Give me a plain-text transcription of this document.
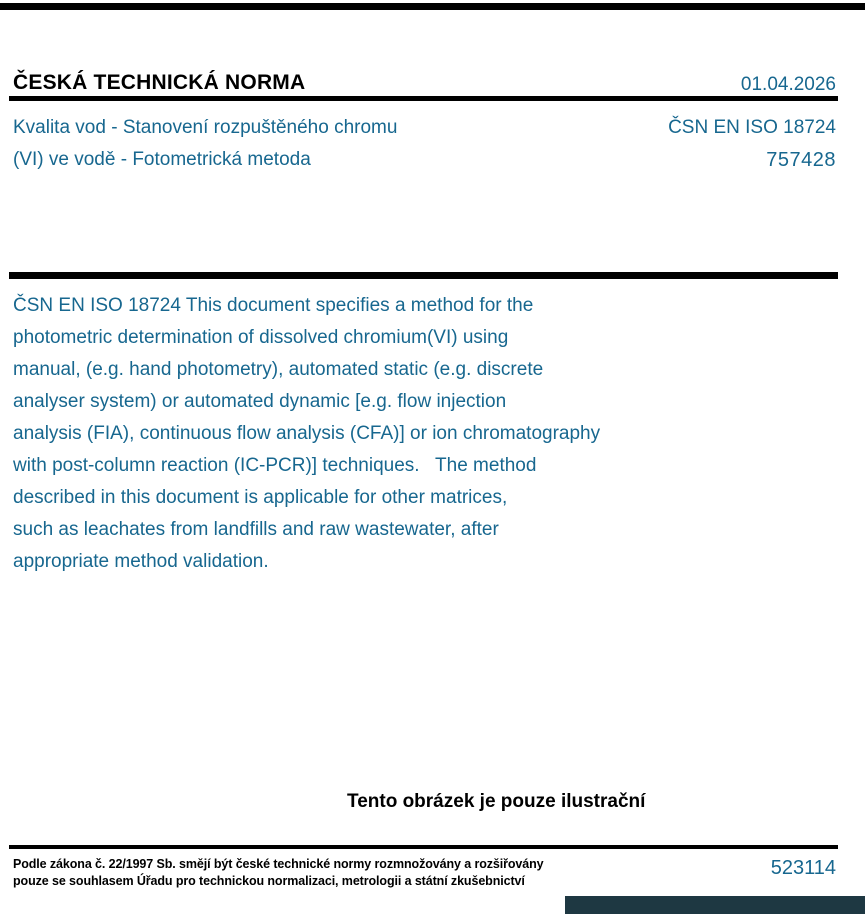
ČESKÁ TECHNICKÁ NORMA	01.04.2026
Kvalita vod - Stanovení rozpuštěného chromu
(VI) ve vodě - Fotometrická metoda
ČSN EN ISO 18724
757428
ČSN EN ISO 18724 This document specifies a method for the
photometric determination of dissolved chromium(VI) using
manual, (e.g. hand photometry), automated static (e.g. discrete
analyser system) or automated dynamic [e.g. flow injection
analysis (FIA), continuous flow analysis (CFA)] or ion chromatography
with post-column reaction (IC-PCR)] techniques.   The method
described in this document is applicable for other matrices,
such as leachates from landfills and raw wastewater, after
appropriate method validation.
Tento obrázek je pouze ilustrační
Podle zákona č. 22/1997 Sb. smějí být české technické normy rozmnožovány a rozšiřovány
pouze se souhlasem Úřadu pro technickou normalizaci, metrologii a státní zkušebnictví
523114
